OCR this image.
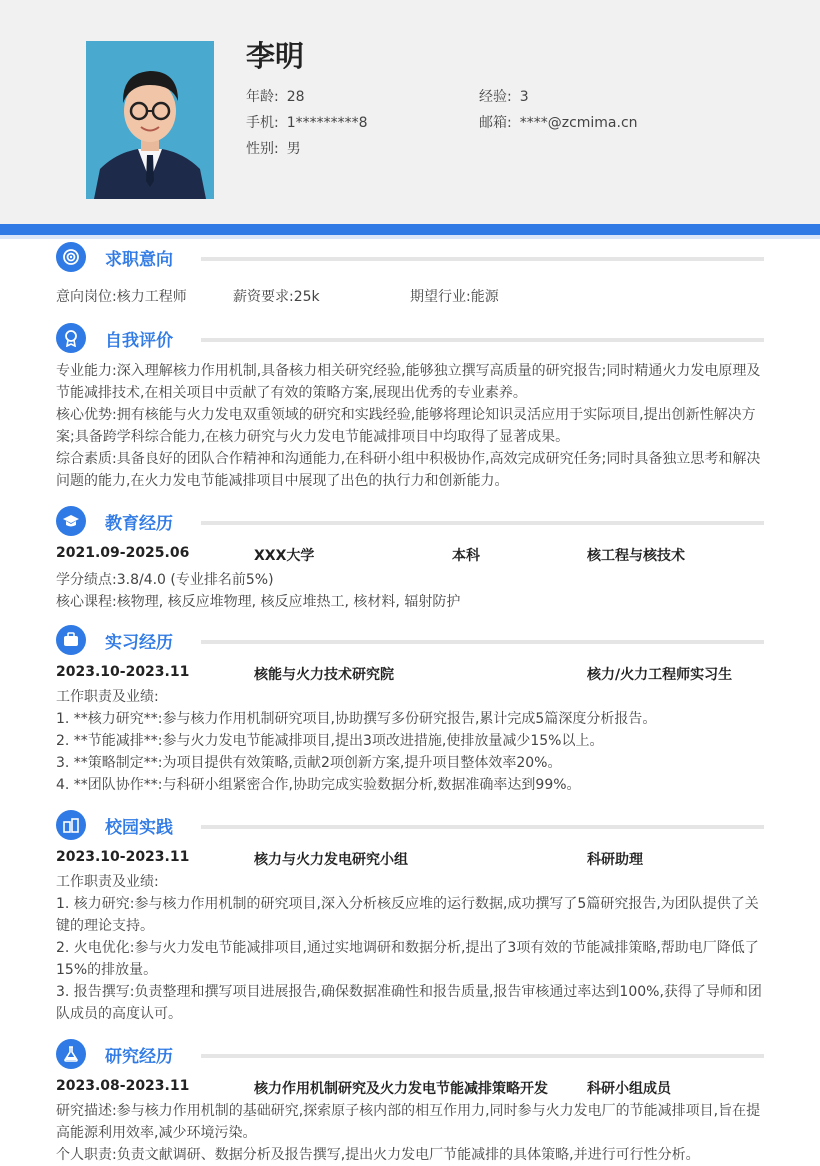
李明
年龄: 28	经验: 3
手机: 1*********8	邮箱: ****@zcmima.cn
性别: 男
求职意向
意向岗位:核力工程师	薪资要求:25k	期望行业:能源
自我评价

专业能力:深入理解核力作用机制,具备核力相关研究经验,能够独立撰写高质量的研究报告;同时精通火力发电原理及节能减排技术,在相关项目中贡献了有效的策略方案,展现出优秀的专业素养。

核心优势:拥有核能与火力发电双重领域的研究和实践经验,能够将理论知识灵活应用于实际项目,提出创新性解决方案;具备跨学科综合能力,在核力研究与火力发电节能减排项目中均取得了显著成果。

综合素质:具备良好的团队合作精神和沟通能力,在科研小组中积极协作,高效完成研究任务;同时具备独立思考和解决问题的能力,在火力发电节能减排项目中展现了出色的执行力和创新能力。

教育经历
2021.09-2025.06	XXX大学	本科	核工程与核技术
学分绩点:3.8/4.0 (专业排名前5%)
核心课程:核物理, 核反应堆物理, 核反应堆热工, 核材料, 辐射防护
实习经历
2023.10-2023.11	核能与火力技术研究院	核力/火力工程师实习生

工作职责及业绩:

1. **核力研究**:参与核力作用机制研究项目,协助撰写多份研究报告,累计完成5篇深度分析报告。

2. **节能减排**:参与火力发电节能减排项目,提出3项改进措施,使排放量减少15%以上。

3. **策略制定**:为项目提供有效策略,贡献2项创新方案,提升项目整体效率20%。

4. **团队协作**:与科研小组紧密合作,协助完成实验数据分析,数据准确率达到99%。

校园实践
2023.10-2023.11	核力与火力发电研究小组	科研助理

工作职责及业绩:

1. 核力研究:参与核力作用机制的研究项目,深入分析核反应堆的运行数据,成功撰写了5篇研究报告,为团队提供了关键的理论支持。

2. 火电优化:参与火力发电节能减排项目,通过实地调研和数据分析,提出了3项有效的节能减排策略,帮助电厂降低了15%的排放量。

3. 报告撰写:负责整理和撰写项目进展报告,确保数据准确性和报告质量,报告审核通过率达到100%,获得了导师和团队成员的高度认可。

研究经历
2023.08-2023.11	核力作用机制研究及火力发电节能减排策略开发	科研小组成员

研究描述:参与核力作用机制的基础研究,探索原子核内部的相互作用力,同时参与火力发电厂的节能减排项目,旨在提高能源利用效率,减少环境污染。

个人职责:负责文献调研、数据分析及报告撰写,提出火力发电厂节能减排的具体策略,并进行可行性分析。
